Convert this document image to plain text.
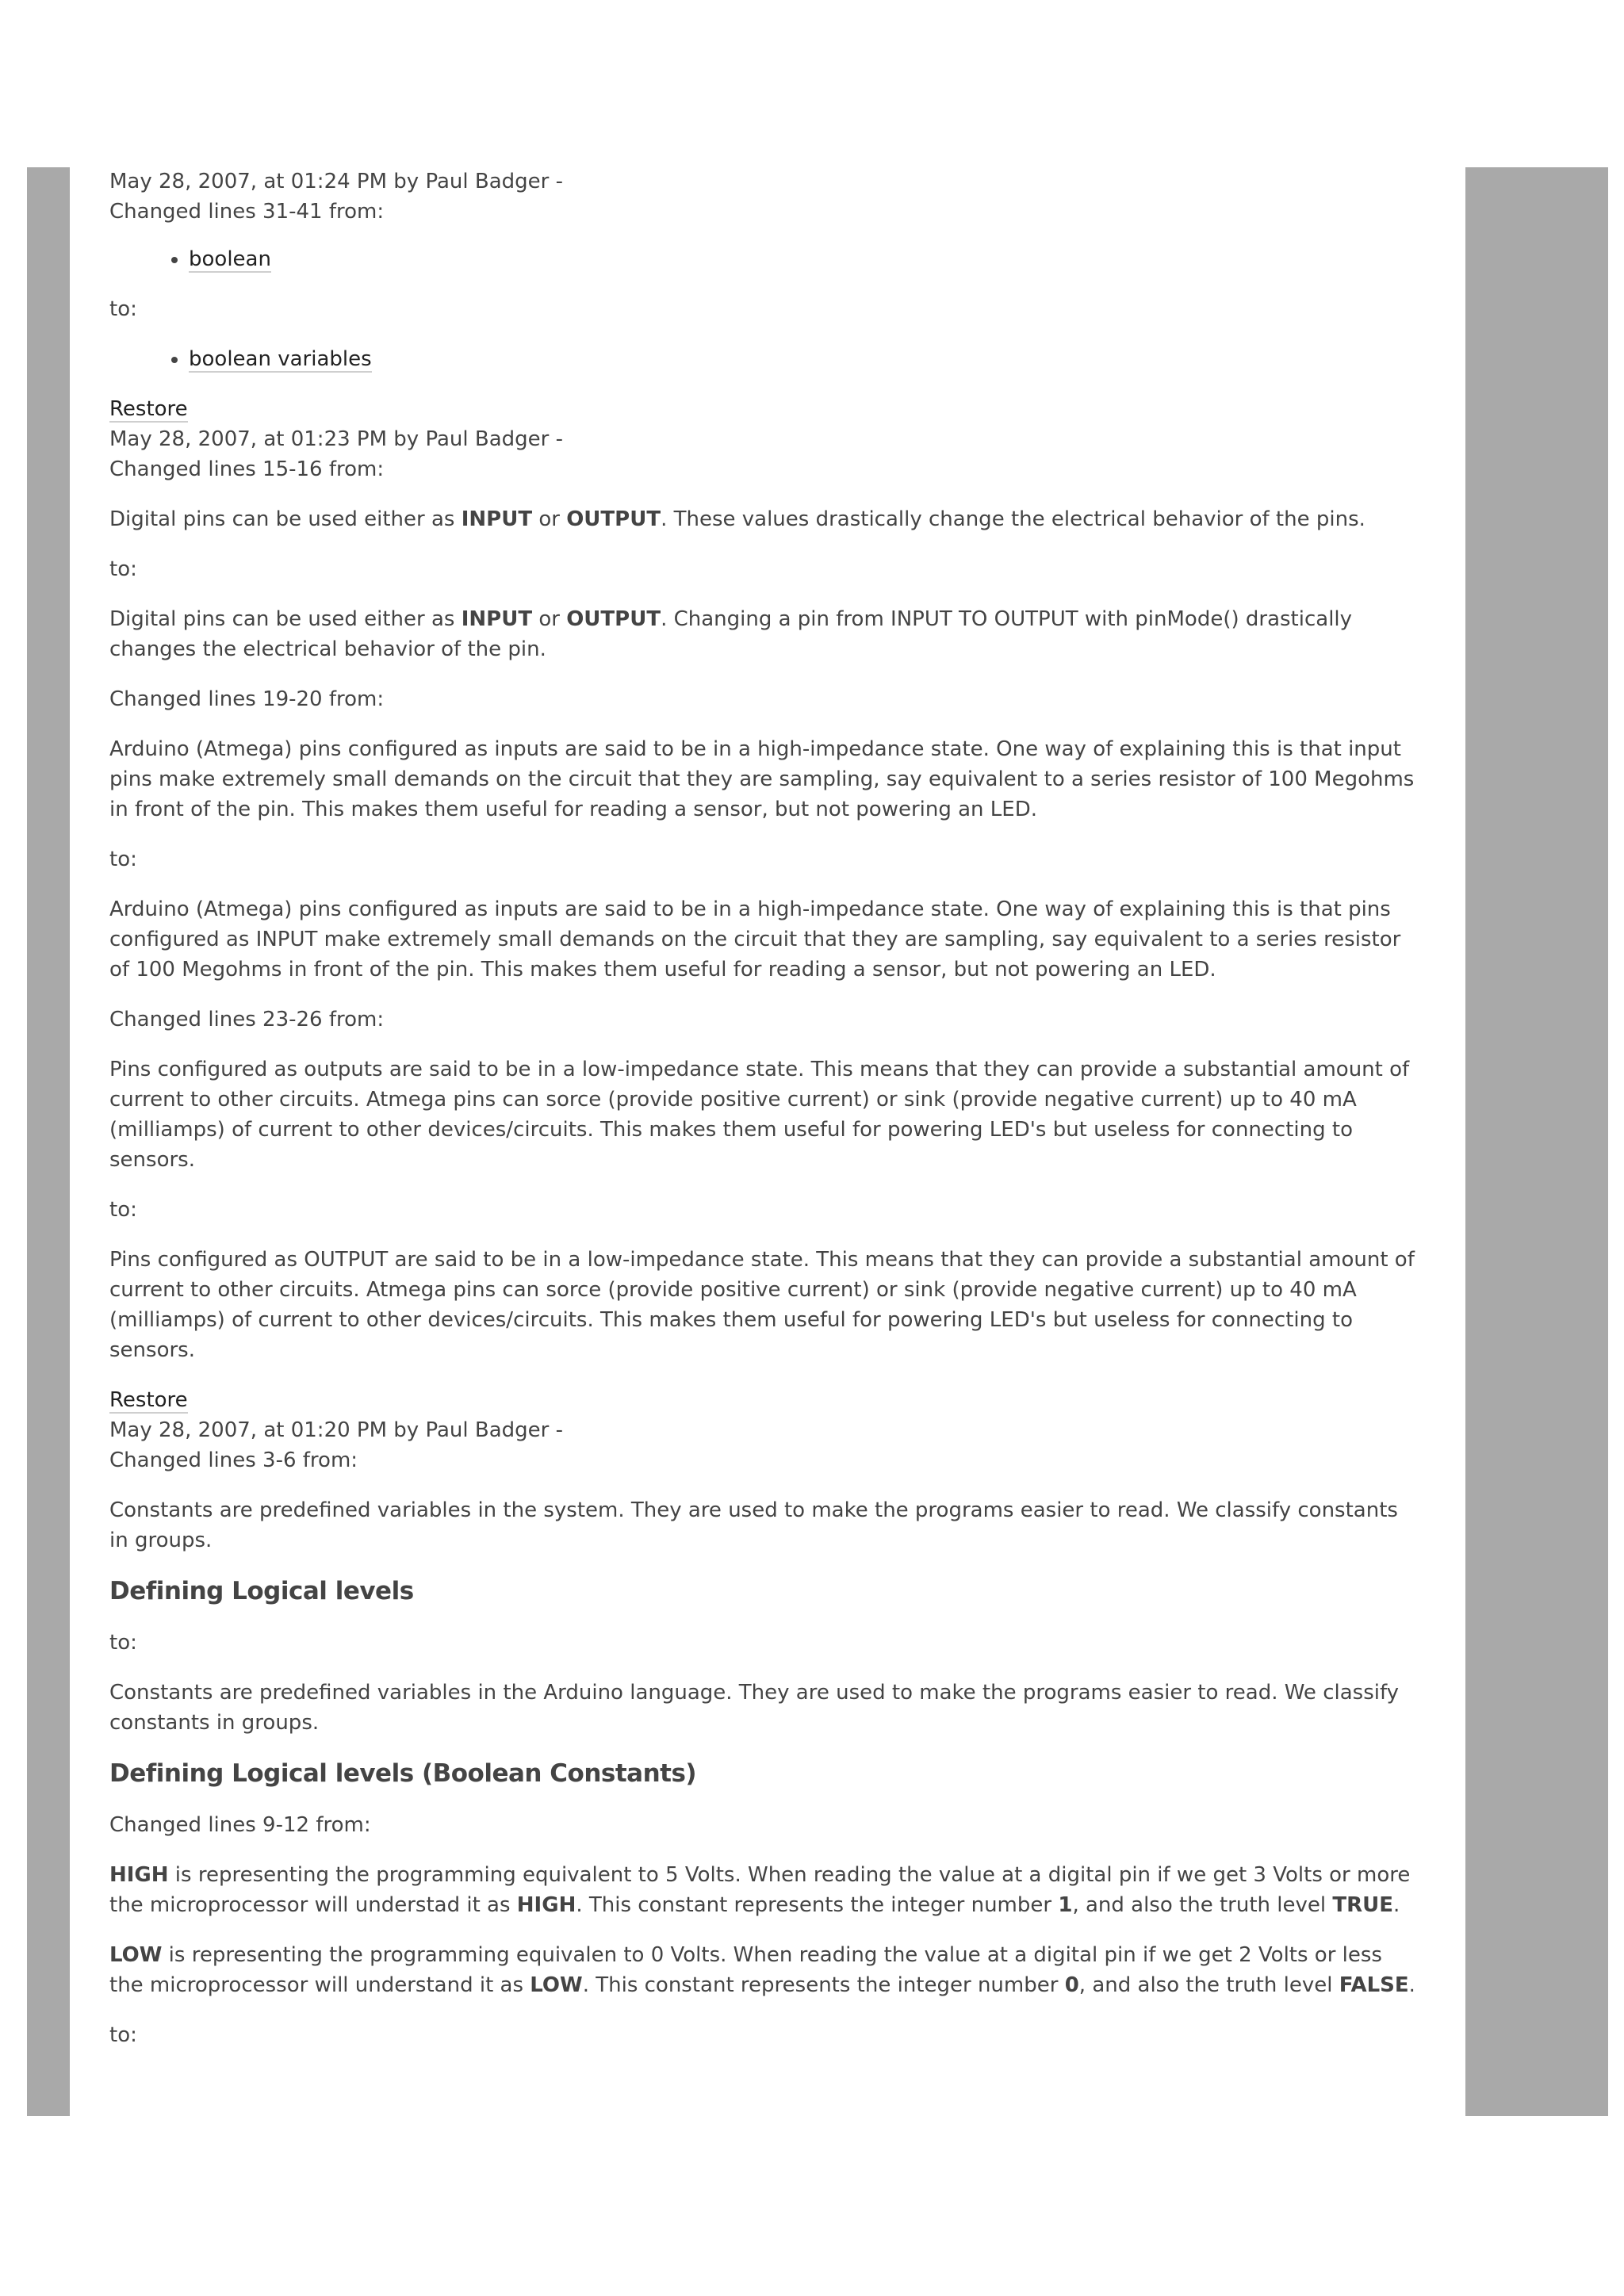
May 28, 2007, at 01:24 PM by Paul Badger -

Changed lines 31-41 from:

• boolean

to:

• boolean variables

Restore

May 28, 2007, at 01:23 PM by Paul Badger -

Changed lines 15-16 from:

Digital pins can be used either as INPUT or OUTPUT. These values drastically change the electrical behavior of the pins.

to:

Digital pins can be used either as INPUT or OUTPUT. Changing a pin from INPUT TO OUTPUT with pinMode() drastically changes the electrical behavior of the pin.

Changed lines 19-20 from:

Arduino (Atmega) pins configured as inputs are said to be in a high-impedance state. One way of explaining this is that input pins make extremely small demands on the circuit that they are sampling, say equivalent to a series resistor of 100 Megohms in front of the pin. This makes them useful for reading a sensor, but not powering an LED.

to:

Arduino (Atmega) pins configured as inputs are said to be in a high-impedance state. One way of explaining this is that pins configured as INPUT make extremely small demands on the circuit that they are sampling, say equivalent to a series resistor of 100 Megohms in front of the pin. This makes them useful for reading a sensor, but not powering an LED.

Changed lines 23-26 from:

Pins configured as outputs are said to be in a low-impedance state. This means that they can provide a substantial amount of current to other circuits. Atmega pins can sorce (provide positive current) or sink (provide negative current) up to 40 mA (milliamps) of current to other devices/circuits. This makes them useful for powering LED's but useless for connecting to sensors.

to:

Pins configured as OUTPUT are said to be in a low-impedance state. This means that they can provide a substantial amount of current to other circuits. Atmega pins can sorce (provide positive current) or sink (provide negative current) up to 40 mA (milliamps) of current to other devices/circuits. This makes them useful for powering LED's but useless for connecting to sensors.

Restore

May 28, 2007, at 01:20 PM by Paul Badger -

Changed lines 3-6 from:

Constants are predefined variables in the system. They are used to make the programs easier to read. We classify constants in groups.

Defining Logical levels

to:

Constants are predefined variables in the Arduino language. They are used to make the programs easier to read. We classify constants in groups.

Defining Logical levels (Boolean Constants)

Changed lines 9-12 from:

HIGH is representing the programming equivalent to 5 Volts. When reading the value at a digital pin if we get 3 Volts or more the microprocessor will understad it as HIGH. This constant represents the integer number 1, and also the truth level TRUE.

LOW is representing the programming equivalen to 0 Volts. When reading the value at a digital pin if we get 2 Volts or less the microprocessor will understand it as LOW. This constant represents the integer number 0, and also the truth level FALSE.

to:
